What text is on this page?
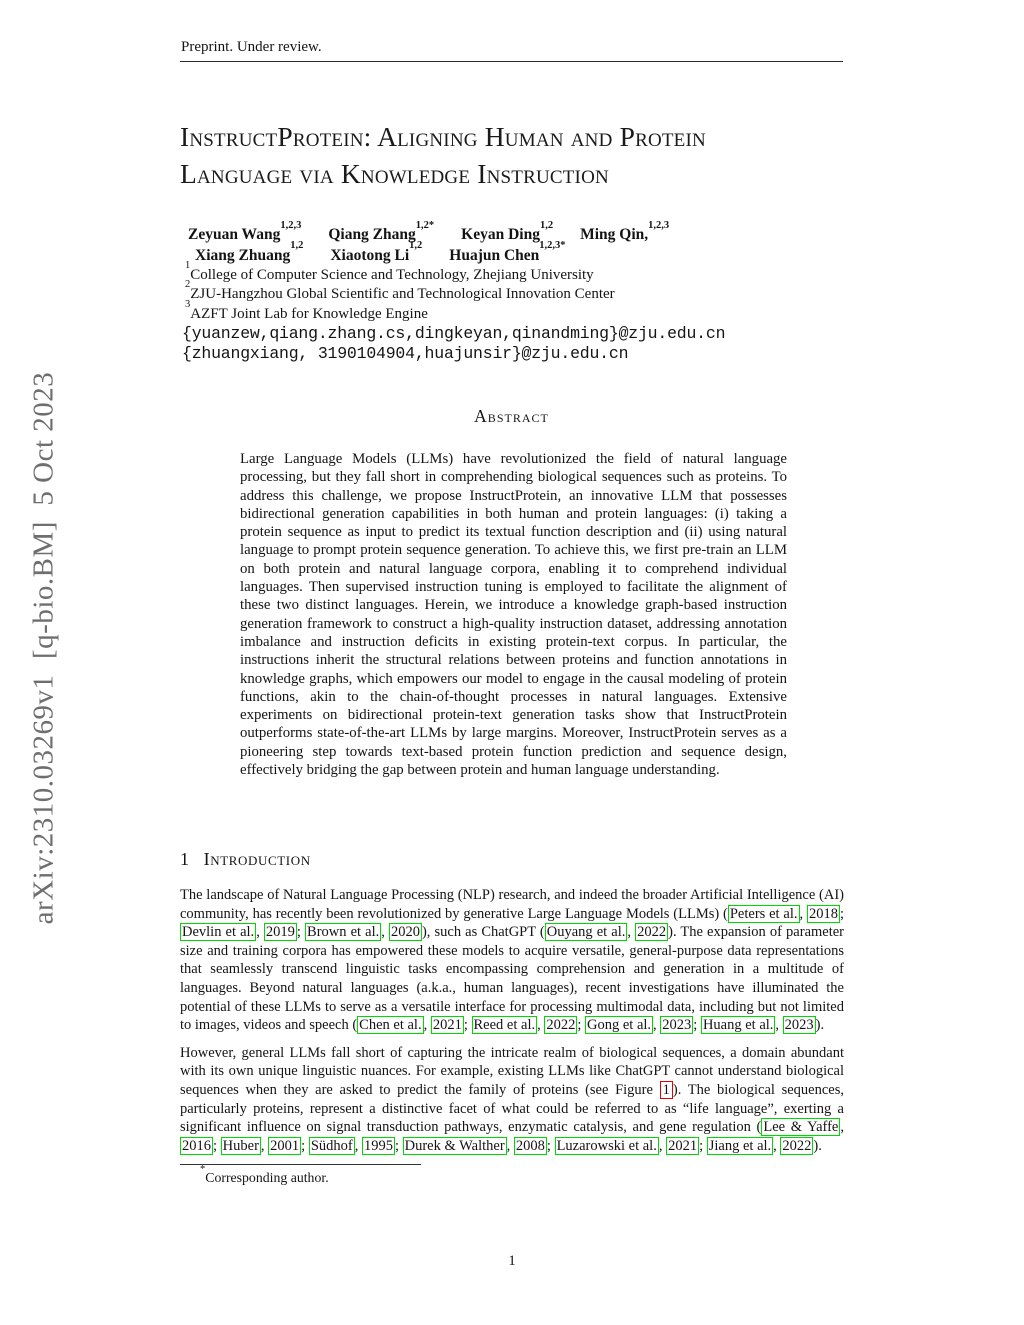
Preprint. Under review.
arXiv:2310.03269v1  [q-bio.BM]  5 Oct 2023
InstructProtein: Aligning Human and Protein
Language via Knowledge Instruction
Zeyuan Wang$^{1,2,3}$Qiang Zhang$^{1,2*}$Keyan Ding$^{1,2}$Ming Qin,$^{1,2,3}$
Xiang Zhuang$^{1,2}$Xiaotong Li$^{1,2}$Huajun Chen$^{1,2,3*}$
$^1$College of Computer Science and Technology, Zhejiang University
$^2$ZJU-Hangzhou Global Scientific and Technological Innovation Center
$^3$AZFT Joint Lab for Knowledge Engine
{yuanzew,qiang.zhang.cs,dingkeyan,qinandming}@zju.edu.cn
{zhuangxiang, 3190104904,huajunsir}@zju.edu.cn
Abstract
Large Language Models (LLMs) have revolutionized the field of natural language processing, but they fall short in comprehending biological sequences such as proteins. To address this challenge, we propose InstructProtein, an innovative LLM that possesses bidirectional generation capabilities in both human and protein languages: (i) taking a protein sequence as input to predict its textual function description and (ii) using natural language to prompt protein sequence generation. To achieve this, we first pre-train an LLM on both protein and natural language corpora, enabling it to comprehend individual languages. Then supervised instruction tuning is employed to facilitate the alignment of these two distinct languages. Herein, we introduce a knowledge graph-based instruction generation framework to construct a high-quality instruction dataset, addressing annotation imbalance and instruction deficits in existing protein-text corpus. In particular, the instructions inherit the structural relations between proteins and function annotations in knowledge graphs, which empowers our model to engage in the causal modeling of protein functions, akin to the chain-of-thought processes in natural languages. Extensive experiments on bidirectional protein-text generation tasks show that InstructProtein outperforms state-of-the-art LLMs by large margins. Moreover, InstructProtein serves as a pioneering step towards text-based protein function prediction and sequence design, effectively bridging the gap between protein and human language understanding.
1 Introduction

The landscape of Natural Language Processing (NLP) research, and indeed the broader Artificial Intelligence (AI) community, has recently been revolutionized by generative Large Language Models (LLMs) ( Peters et al. , 2018 ; Devlin et al. , 2019 ; Brown et al. , 2020 ), such as ChatGPT ( Ouyang et al. , 2022 ). The expansion of parameter size and training corpora has empowered these models to acquire versatile, general-purpose data representations that seamlessly transcend linguistic tasks encompassing comprehension and generation in a multitude of languages. Beyond natural languages (a.k.a., human languages), recent investigations have illuminated the potential of these LLMs to serve as a versatile interface for processing multimodal data, including but not limited to images, videos and speech ( Chen et al. , 2021 ; Reed et al. , 2022 ; Gong et al. , 2023 ; Huang et al. , 2023 ).

However, general LLMs fall short of capturing the intricate realm of biological sequences, a domain abundant with its own unique linguistic nuances. For example, existing LLMs like ChatGPT cannot understand biological sequences when they are asked to predict the family of proteins (see Figure 1 ). The biological sequences, particularly proteins, represent a distinctive facet of what could be referred to as “life language”, exerting a significant influence on signal transduction pathways, enzymatic catalysis, and gene regulation ( Lee & Yaffe , 2016 ; Huber , 2001 ; Südhof , 1995 ; Durek & Walther , 2008 ; Luzarowski et al. , 2021 ; Jiang et al. , 2022 ).

*Corresponding author.
1
